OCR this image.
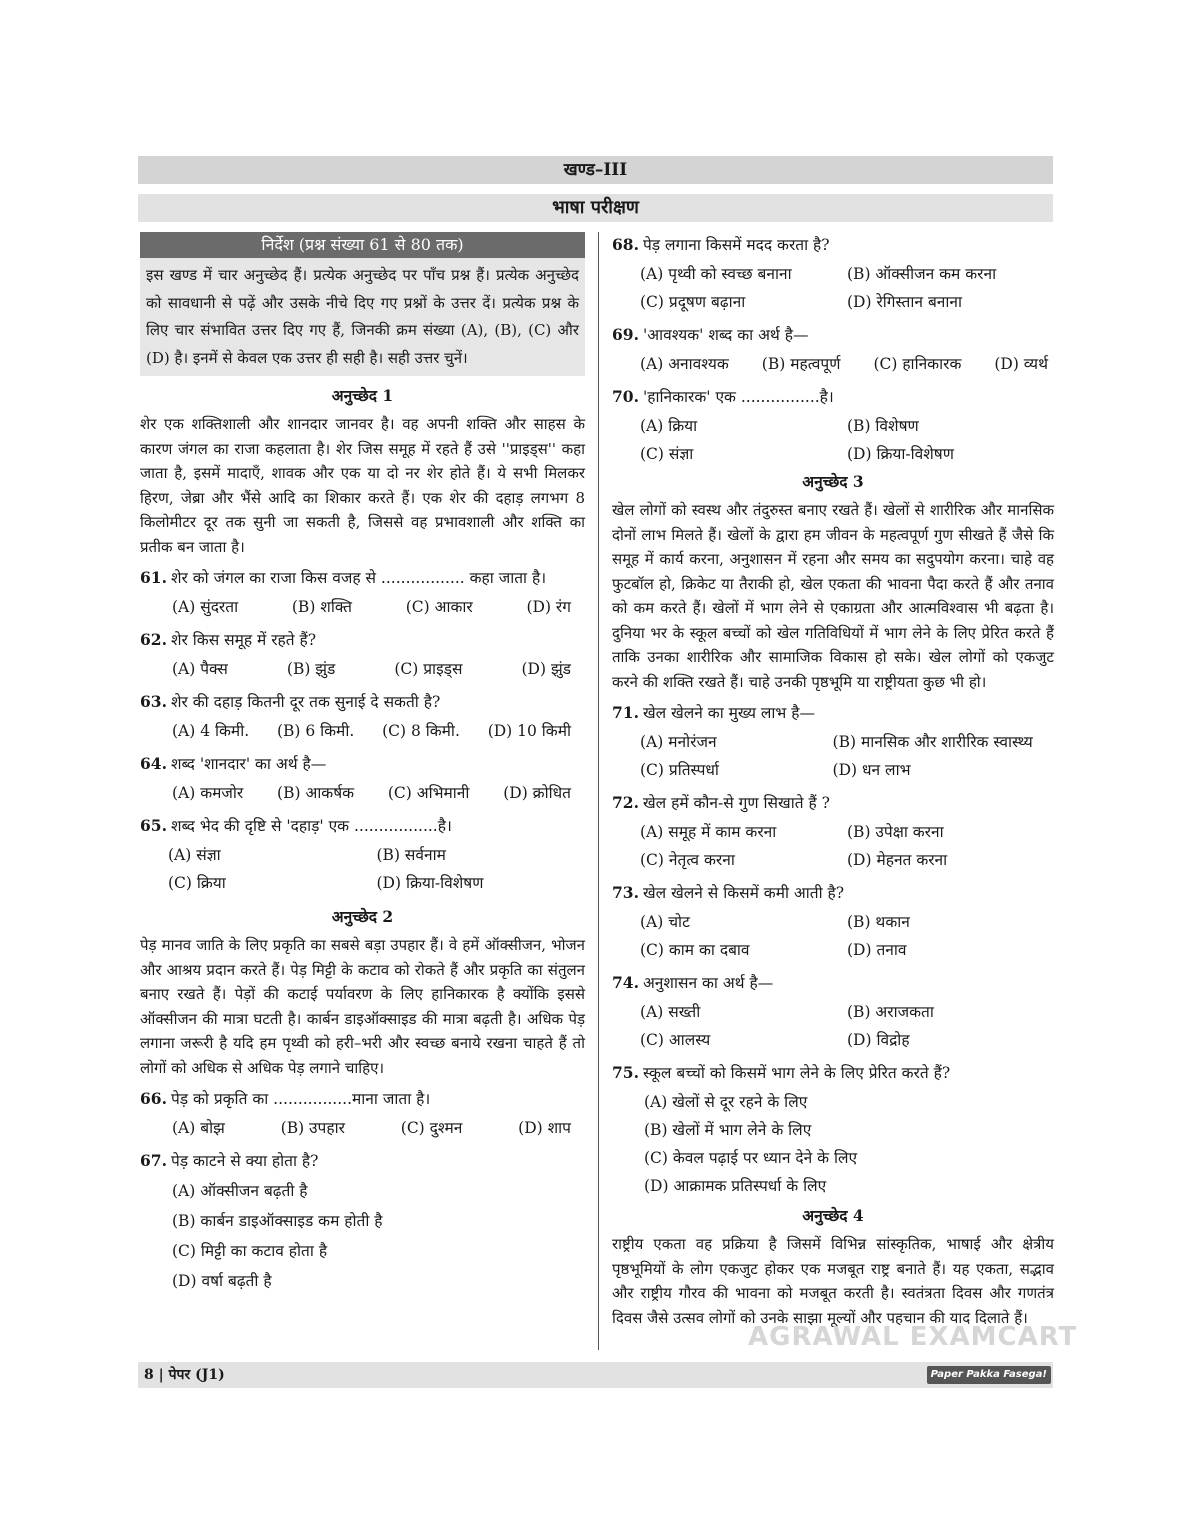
खण्ड–III
भाषा परीक्षण
निर्देश (प्रश्न संख्या 61 से 80 तक)
इस खण्ड में चार अनुच्छेद हैं। प्रत्येक अनुच्छेद पर पाँच प्रश्न हैं। प्रत्येक अनुच्छेद को सावधानी से पढ़ें और उसके नीचे दिए गए प्रश्नों के उत्तर दें। प्रत्येक प्रश्न के लिए चार संभावित उत्तर दिए गए हैं, जिनकी क्रम संख्या (A), (B), (C) और (D) है। इनमें से केवल एक उत्तर ही सही है। सही उत्तर चुनें।
अनुच्छेद 1
शेर एक शक्तिशाली और शानदार जानवर है। वह अपनी शक्ति और साहस के कारण जंगल का राजा कहलाता है। शेर जिस समूह में रहते हैं उसे ''प्राइड्स'' कहा जाता है, इसमें मादाएँ, शावक और एक या दो नर शेर होते हैं। ये सभी मिलकर हिरण, जेब्रा और भैंसे आदि का शिकार करते हैं। एक शेर की दहाड़ लगभग 8 किलोमीटर दूर तक सुनी जा सकती है, जिससे वह प्रभावशाली और शक्ति का प्रतीक बन जाता है।
61. शेर को जंगल का राजा किस वजह से ................. कहा जाता है।
(A) सुंदरता	(B) शक्ति	(C) आकार	(D) रंग
62. शेर किस समूह में रहते हैं?
(A) पैक्स	(B) झुंड	(C) प्राइड्स	(D) झुंड
63. शेर की दहाड़ कितनी दूर तक सुनाई दे सकती है?
(A) 4 किमी. (B) 6 किमी. (C) 8 किमी. (D) 10 किमी
64. शब्द 'शानदार' का अर्थ है—
(A) कमजोर (B) आकर्षक (C) अभिमानी (D) क्रोधित
65. शब्द भेद की दृष्टि से 'दहाड़' एक .................है।
(A) संज्ञा	(B) सर्वनाम
(C) क्रिया	(D) क्रिया-विशेषण
अनुच्छेद 2
पेड़ मानव जाति के लिए प्रकृति का सबसे बड़ा उपहार हैं। वे हमें ऑक्सीजन, भोजन और आश्रय प्रदान करते हैं। पेड़ मिट्टी के कटाव को रोकते हैं और प्रकृति का संतुलन बनाए रखते हैं। पेड़ों की कटाई पर्यावरण के लिए हानिकारक है क्योंकि इससे ऑक्सीजन की मात्रा घटती है। कार्बन डाइऑक्साइड की मात्रा बढ़ती है। अधिक पेड़ लगाना जरूरी है यदि हम पृथ्वी को हरी–भरी और स्वच्छ बनाये रखना चाहते हैं तो लोगों को अधिक से अधिक पेड़ लगाने चाहिए।
66. पेड़ को प्रकृति का ................माना जाता है।
(A) बोझ	(B) उपहार	(C) दुश्मन	(D) शाप
67. पेड़ काटने से क्या होता है?
(A) ऑक्सीजन बढ़ती है
(B) कार्बन डाइऑक्साइड कम होती है
(C) मिट्टी का कटाव होता है
(D) वर्षा बढ़ती है
68. पेड़ लगाना किसमें मदद करता है?
(A) पृथ्वी को स्वच्छ बनाना	(B) ऑक्सीजन कम करना
(C) प्रदूषण बढ़ाना	(D) रेगिस्तान बनाना
69. 'आवश्यक' शब्द का अर्थ है—
(A) अनावश्यक (B) महत्वपूर्ण (C) हानिकारक (D) व्यर्थ
70. 'हानिकारक' एक ................है।
(A) क्रिया	(B) विशेषण
(C) संज्ञा	(D) क्रिया-विशेषण
अनुच्छेद 3
खेल लोगों को स्वस्थ और तंदुरुस्त बनाए रखते हैं। खेलों से शारीरिक और मानसिक दोनों लाभ मिलते हैं। खेलों के द्वारा हम जीवन के महत्वपूर्ण गुण सीखते हैं जैसे कि समूह में कार्य करना, अनुशासन में रहना और समय का सदुपयोग करना। चाहे वह फुटबॉल हो, क्रिकेट या तैराकी हो, खेल एकता की भावना पैदा करते हैं और तनाव को कम करते हैं। खेलों में भाग लेने से एकाग्रता और आत्मविश्वास भी बढ़ता है। दुनिया भर के स्कूल बच्चों को खेल गतिविधियों में भाग लेने के लिए प्रेरित करते हैं ताकि उनका शारीरिक और सामाजिक विकास हो सके। खेल लोगों को एकजुट करने की शक्ति रखते हैं। चाहे उनकी पृष्ठभूमि या राष्ट्रीयता कुछ भी हो।
71. खेल खेलने का मुख्य लाभ है—
(A) मनोरंजन	(B) मानसिक और शारीरिक स्वास्थ्य
(C) प्रतिस्पर्धा	(D) धन लाभ
72. खेल हमें कौन-से गुण सिखाते हैं ?
(A) समूह में काम करना	(B) उपेक्षा करना
(C) नेतृत्व करना	(D) मेहनत करना
73. खेल खेलने से किसमें कमी आती है?
(A) चोट	(B) थकान
(C) काम का दबाव	(D) तनाव
74. अनुशासन का अर्थ है—
(A) सख्ती	(B) अराजकता
(C) आलस्य	(D) विद्रोह
75. स्कूल बच्चों को किसमें भाग लेने के लिए प्रेरित करते हैं?
(A) खेलों से दूर रहने के लिए
(B) खेलों में भाग लेने के लिए
(C) केवल पढ़ाई पर ध्यान देने के लिए
(D) आक्रामक प्रतिस्पर्धा के लिए
अनुच्छेद 4
राष्ट्रीय एकता वह प्रक्रिया है जिसमें विभिन्न सांस्कृतिक, भाषाई और क्षेत्रीय पृष्ठभूमियों के लोग एकजुट होकर एक मजबूत राष्ट्र बनाते हैं। यह एकता, सद्भाव और राष्ट्रीय गौरव की भावना को मजबूत करती है। स्वतंत्रता दिवस और गणतंत्र दिवस जैसे उत्सव लोगों को उनके साझा मूल्यों और पहचान की याद दिलाते हैं।
AGRAWAL EXAMCART
8 | पेपर (J1)	Paper Pakka Fasega!
